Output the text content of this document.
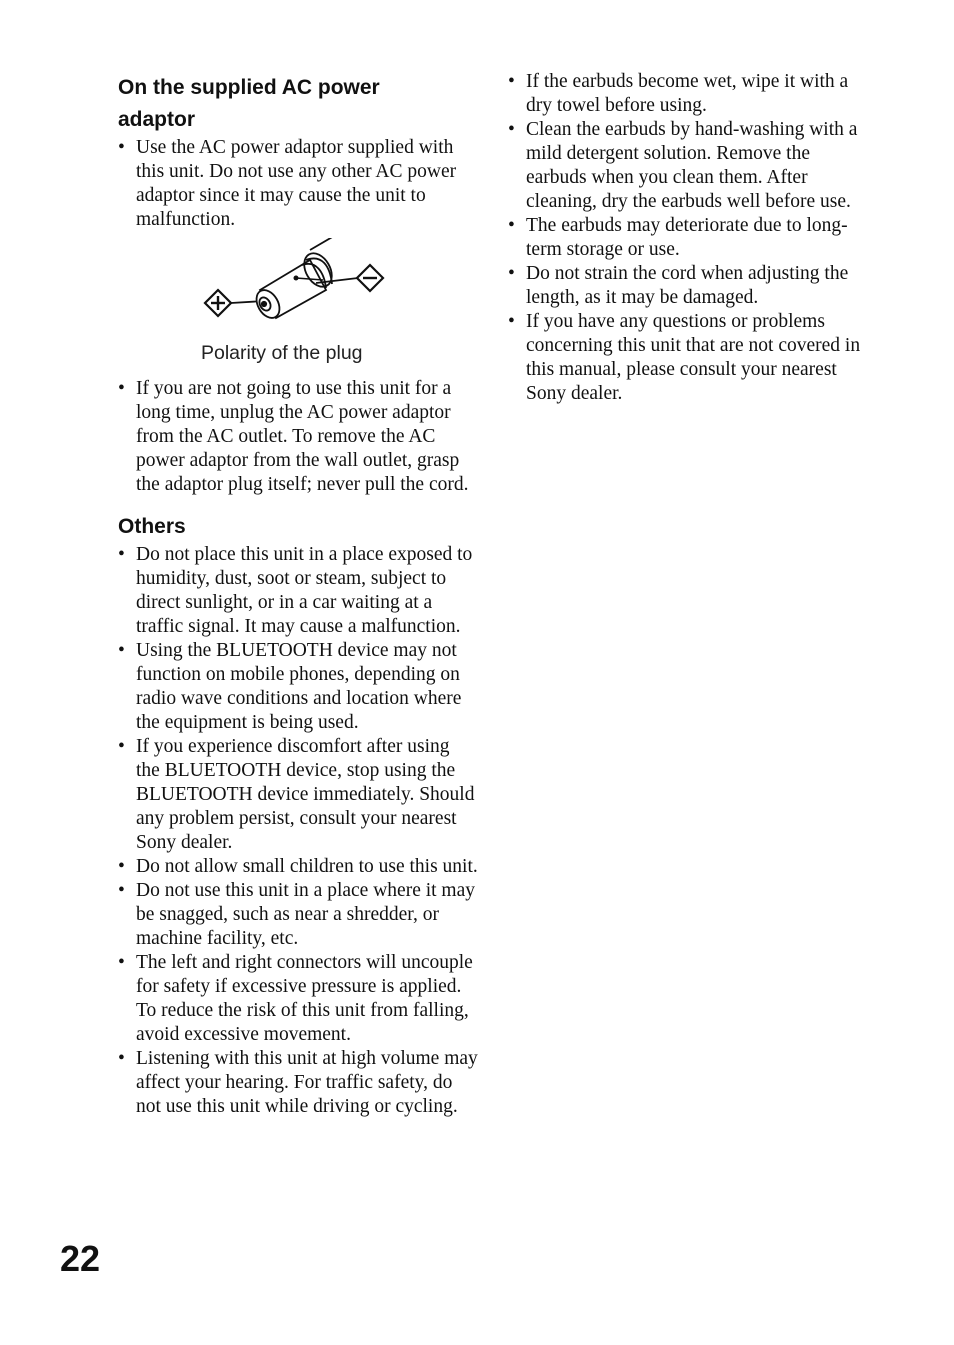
On the supplied AC power
adaptor
• Use the AC power adaptor supplied with this unit. Do not use any other AC power adaptor since it may cause the unit to malfunction.
Polarity of the plug
• If you are not going to use this unit for a long time, unplug the AC power adaptor from the AC outlet. To remove the AC power adaptor from the wall outlet, grasp the adaptor plug itself; never pull the cord.
Others
• Do not place this unit in a place exposed to humidity, dust, soot or steam, subject to direct sunlight, or in a car waiting at a traffic signal. It may cause a malfunction.
• Using the BLUETOOTH device may not function on mobile phones, depending on radio wave conditions and location where the equipment is being used.
• If you experience discomfort after using the BLUETOOTH device, stop using the BLUETOOTH device immediately. Should any problem persist, consult your nearest Sony dealer.
• Do not allow small children to use this unit.
• Do not use this unit in a place where it may be snagged, such as near a shredder, or machine facility, etc.
• The left and right connectors will uncouple for safety if excessive pressure is applied. To reduce the risk of this unit from falling, avoid excessive movement.
• Listening with this unit at high volume may affect your hearing. For traffic safety, do not use this unit while driving or cycling.
• If the earbuds become wet, wipe it with a dry towel before using.
• Clean the earbuds by hand-washing with a mild detergent solution. Remove the earbuds when you clean them. After cleaning, dry the earbuds well before use.
• The earbuds may deteriorate due to long-term storage or use.
• Do not strain the cord when adjusting the length, as it may be damaged.
• If you have any questions or problems concerning this unit that are not covered in this manual, please consult your nearest Sony dealer.
22
